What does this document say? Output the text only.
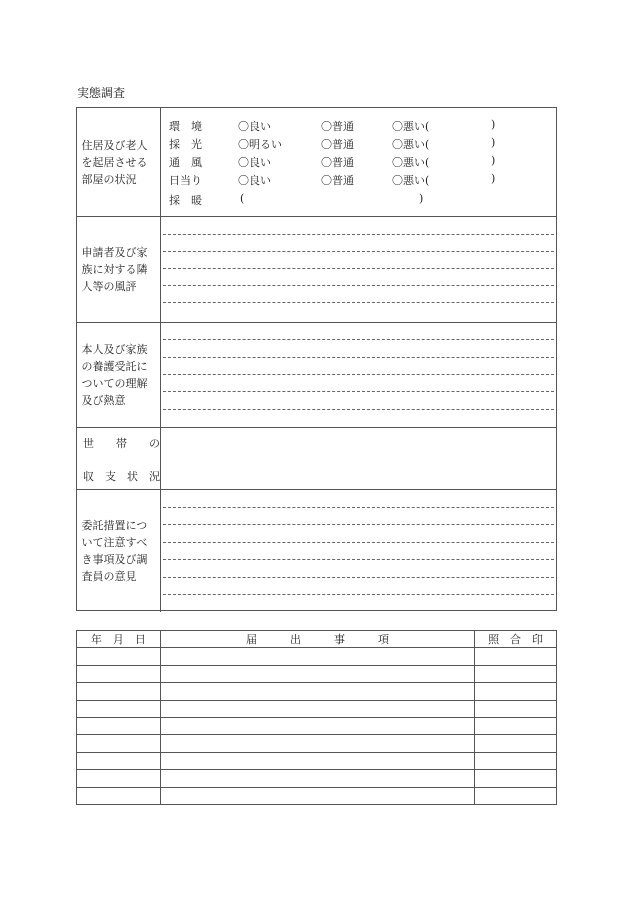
実態調査
住居及び老人
を起居させる
部屋の状況
環　境	〇良い	〇普通	〇悪い(	)
採　光	〇明るい	〇普通	〇悪い(	)
通　風	〇良い	〇普通	〇悪い(	)
日当り	〇良い	〇普通	〇悪い(	)
採　暖	(	)
申請者及び家
族に対する隣
人等の風評
本人及び家族
の養護受託に
ついての理解
及び熱意
世　　帯　　の
収　支　状　況
委託措置につ
いて注意すべ
き事項及び調
査員の意見
年　月　日	届　　　出　　　事　　　項	照　合　印
